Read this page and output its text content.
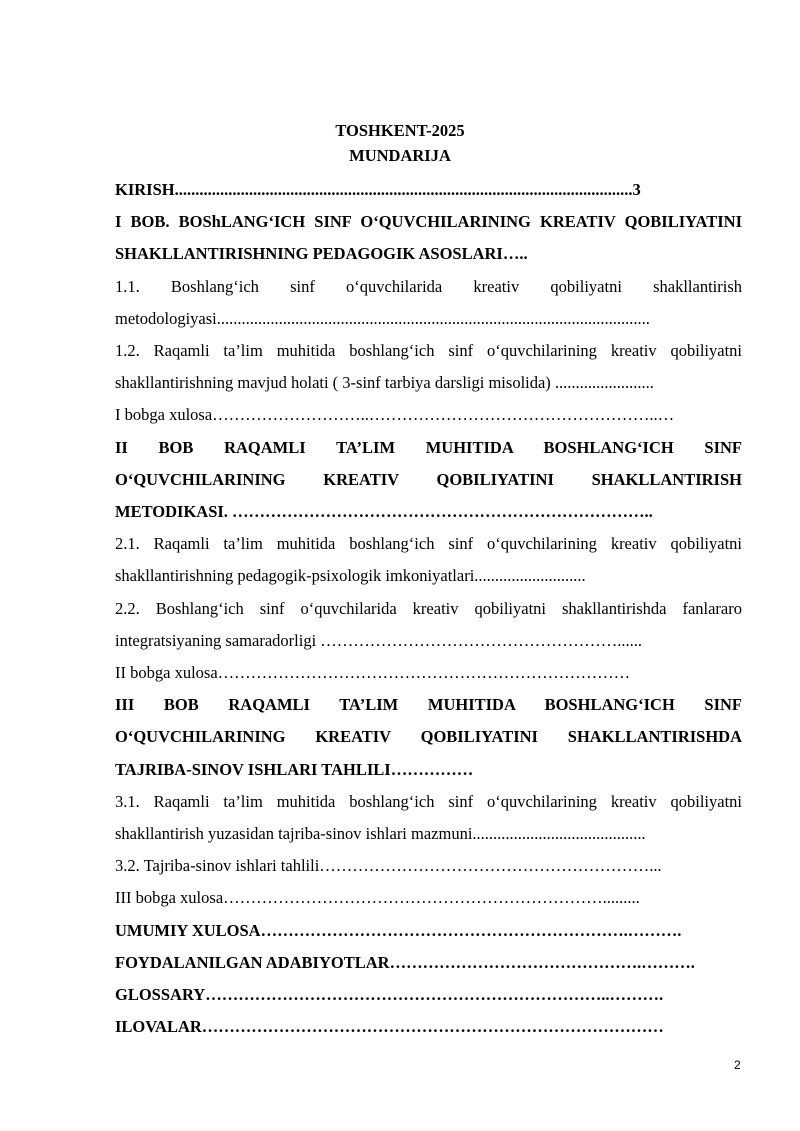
TOSHKENT-2025
MUNDARIJA
KIRISH...............................................................................................................3
I BOB. BOShLANG‘ICH SINF O‘QUVCHILARINING KREATIV QOBILIYATINI SHAKLLANTIRISHNING PEDAGOGIK ASOSLARI…..
1.1. Boshlang‘ich sinf o‘quvchilarida kreativ qobiliyatni shakllantirish metodologiyasi.........................................................................................................
1.2. Raqamli ta’lim muhitida boshlang‘ich sinf o‘quvchilarining kreativ qobiliyatni shakllantirishning mavjud holati ( 3-sinf tarbiya darsligi misolida) ........................
I bobga xulosa………………………..……………………………………………..…
II BOB RAQAMLI TA’LIM MUHITIDA BOSHLANG‘ICH SINF O‘QUVCHILARINING KREATIV QOBILIYATINI SHAKLLANTIRISH METODIKASI. …………………………………………………………………..
2.1. Raqamli ta’lim muhitida boshlang‘ich sinf o‘quvchilarining kreativ qobiliyatni shakllantirishning pedagogik-psixologik imkoniyatlari...........................
2.2. Boshlang‘ich sinf o‘quvchilarida kreativ qobiliyatni shakllantirishda fanlararo integratsiyaning samaradorligi ………………………………………………......
II bobga xulosa…………………………………………………………………
III BOB RAQAMLI TA’LIM MUHITIDA BOSHLANG‘ICH SINF O‘QUVCHILARINING KREATIV QOBILIYATINI SHAKLLANTIRISHDA TAJRIBA-SINOV ISHLARI TAHLILI……………
3.1. Raqamli ta’lim muhitida boshlang‘ich sinf o‘quvchilarining kreativ qobiliyatni shakllantirish yuzasidan tajriba-sinov ishlari mazmuni..........................................
3.2. Tajriba-sinov ishlari tahlili……………………………………………………...
III bobga xulosa…………………………………………………………….........
UMUMIY XULOSA………………………………………………………….……….
FOYDALANILGAN ADABIYOTLAR……………………………………….……….
GLOSSARY………………………………………………………………..……….
ILOVALAR…………………………………………………………………………
2
